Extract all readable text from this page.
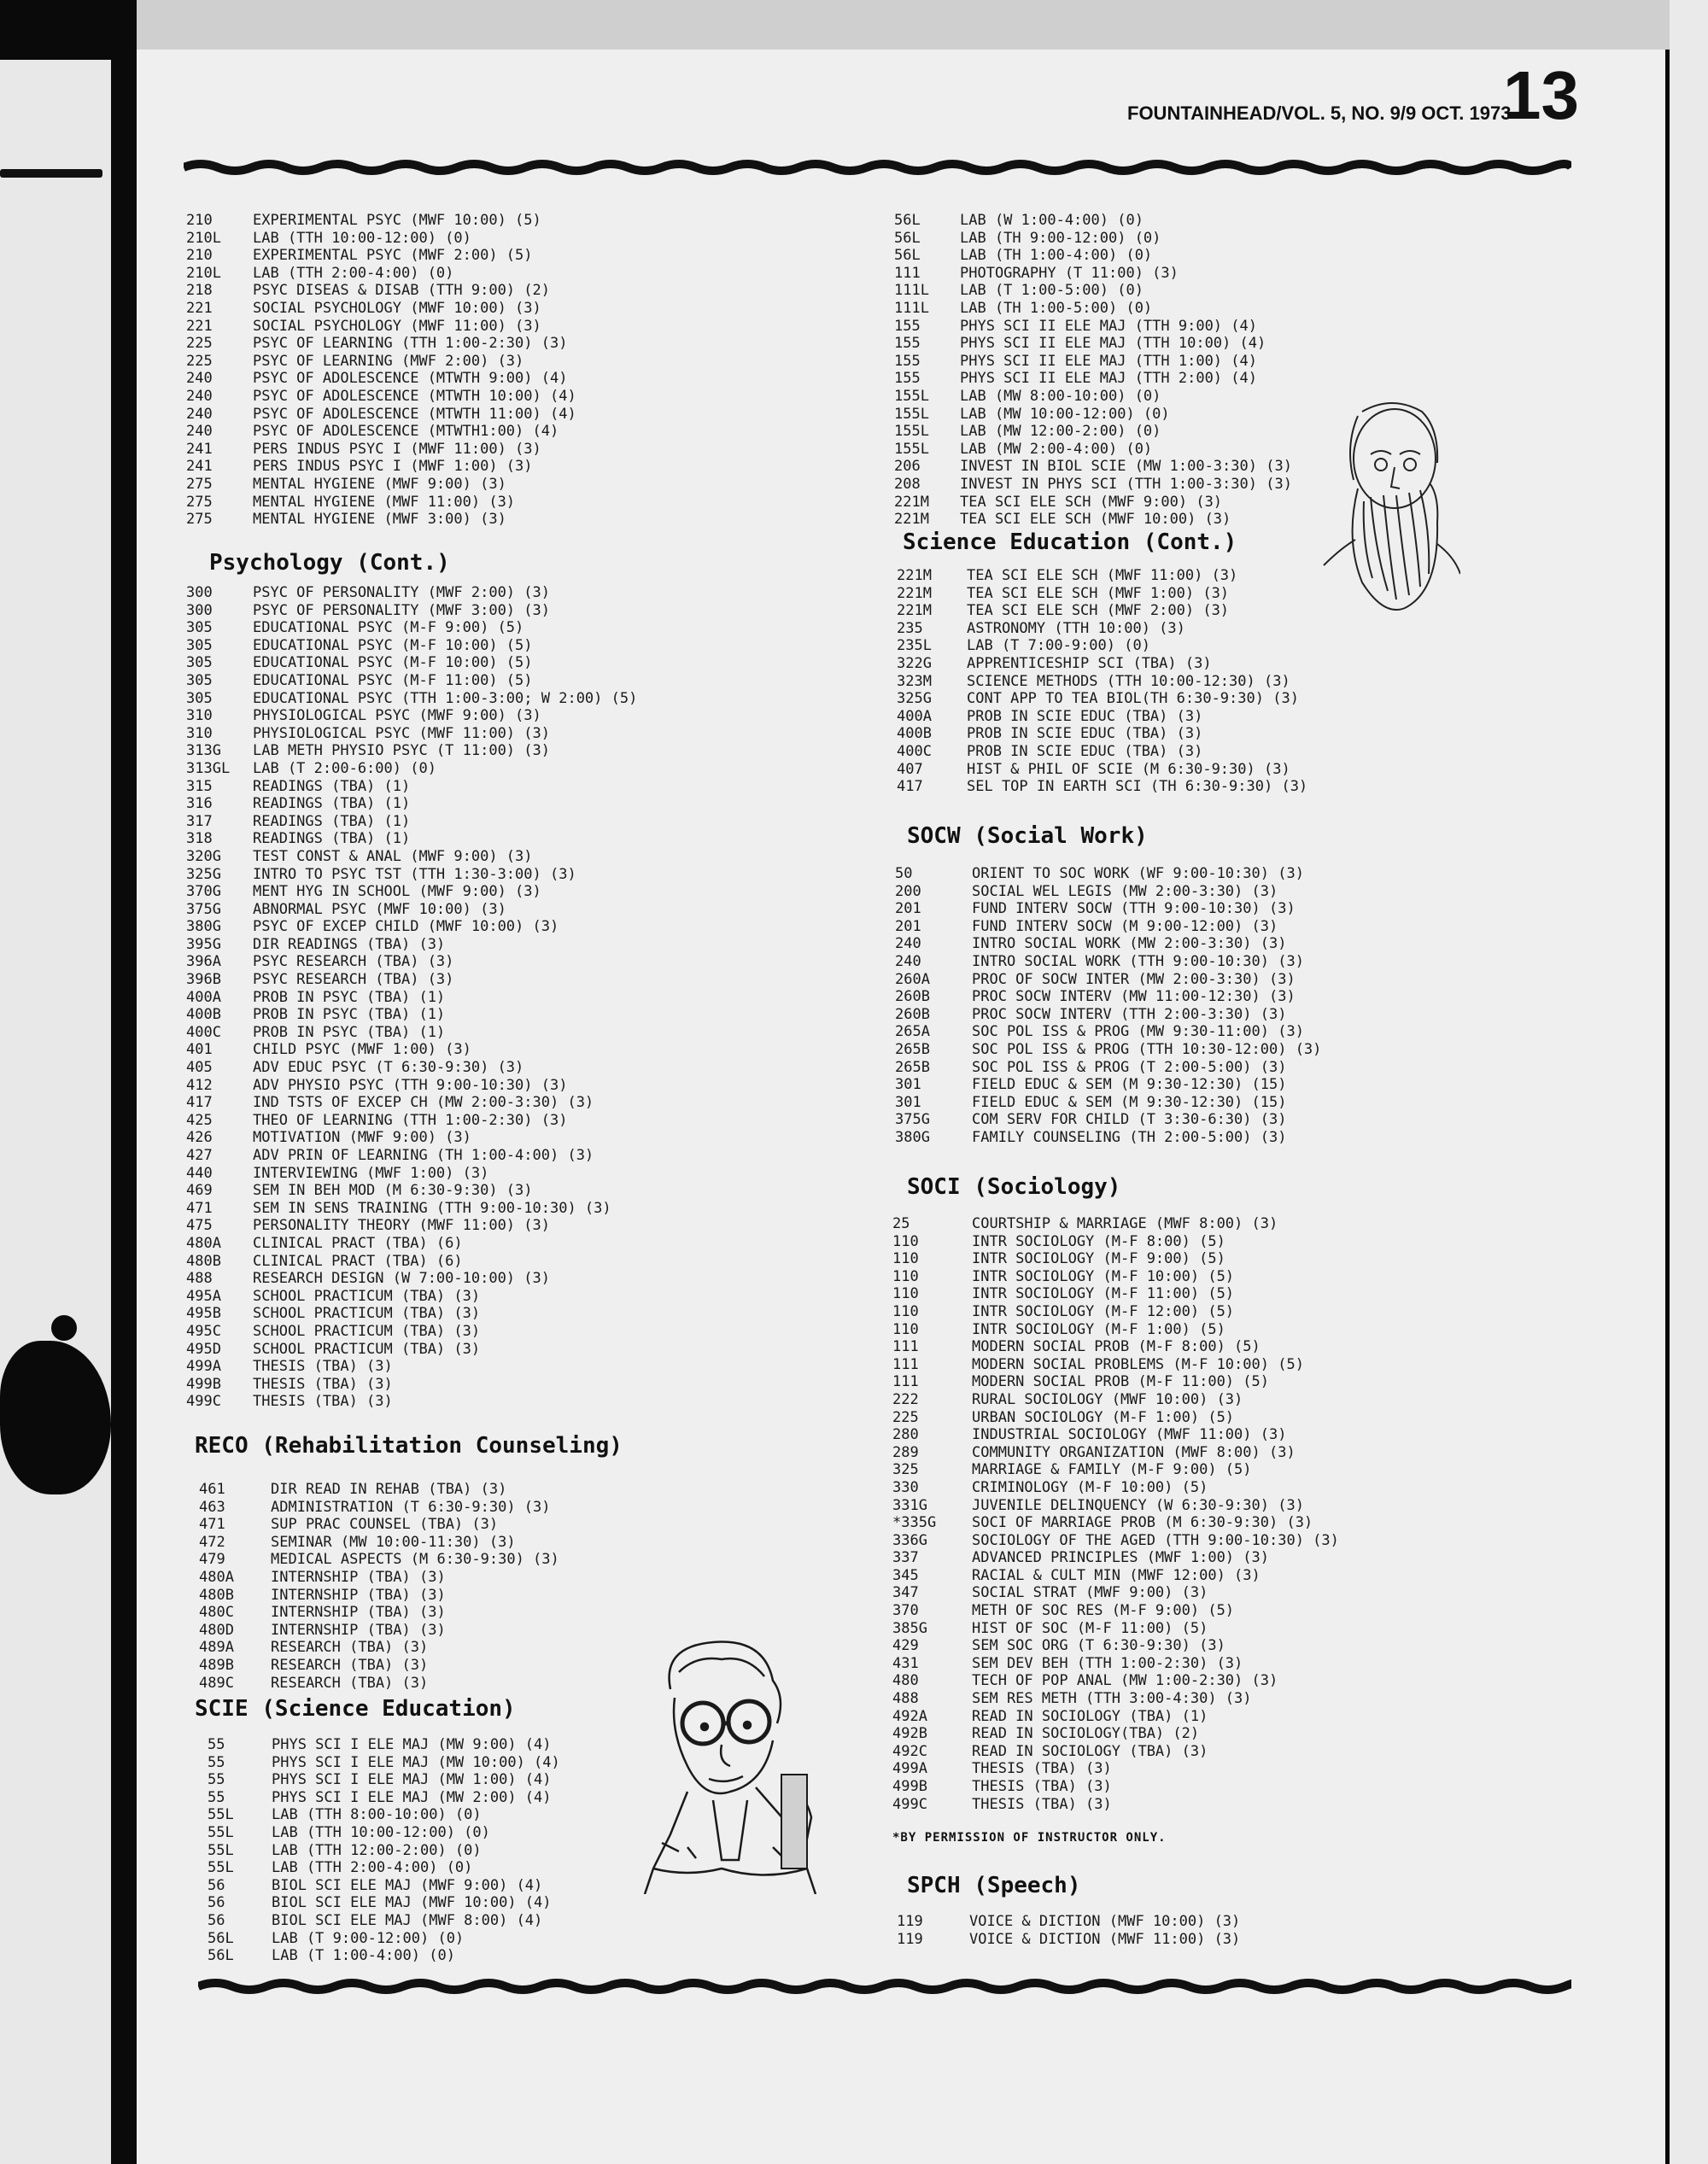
FOUNTAINHEAD/VOL. 5, NO. 9/9 OCT. 1973
13
210	EXPERIMENTAL PSYC (MWF 10:00) (5)
210L	LAB (TTH 10:00-12:00) (0)
210	EXPERIMENTAL PSYC (MWF 2:00) (5)
210L	LAB (TTH 2:00-4:00) (0)
218	PSYC DISEAS & DISAB (TTH 9:00) (2)
221	SOCIAL PSYCHOLOGY (MWF 10:00) (3)
221	SOCIAL PSYCHOLOGY (MWF 11:00) (3)
225	PSYC OF LEARNING (TTH 1:00-2:30) (3)
225	PSYC OF LEARNING (MWF 2:00) (3)
240	PSYC OF ADOLESCENCE (MTWTH 9:00) (4)
240	PSYC OF ADOLESCENCE (MTWTH 10:00) (4)
240	PSYC OF ADOLESCENCE (MTWTH 11:00) (4)
240	PSYC OF ADOLESCENCE (MTWTH1:00) (4)
241	PERS INDUS PSYC I (MWF 11:00) (3)
241	PERS INDUS PSYC I (MWF 1:00) (3)
275	MENTAL HYGIENE (MWF 9:00) (3)
275	MENTAL HYGIENE (MWF 11:00) (3)
275	MENTAL HYGIENE (MWF 3:00) (3)
Psychology (Cont.)
300	PSYC OF PERSONALITY (MWF 2:00) (3)
300	PSYC OF PERSONALITY (MWF 3:00) (3)
305	EDUCATIONAL PSYC (M-F 9:00) (5)
305	EDUCATIONAL PSYC (M-F 10:00) (5)
305	EDUCATIONAL PSYC (M-F 10:00) (5)
305	EDUCATIONAL PSYC (M-F 11:00) (5)
305	EDUCATIONAL PSYC (TTH 1:00-3:00; W 2:00) (5)
310	PHYSIOLOGICAL PSYC (MWF 9:00) (3)
310	PHYSIOLOGICAL PSYC (MWF 11:00) (3)
313G	LAB METH PHYSIO PSYC (T 11:00) (3)
313GL	LAB (T 2:00-6:00) (0)
315	READINGS (TBA) (1)
316	READINGS (TBA) (1)
317	READINGS (TBA) (1)
318	READINGS (TBA) (1)
320G	TEST CONST & ANAL (MWF 9:00) (3)
325G	INTRO TO PSYC TST (TTH 1:30-3:00) (3)
370G	MENT HYG IN SCHOOL (MWF 9:00) (3)
375G	ABNORMAL PSYC (MWF 10:00) (3)
380G	PSYC OF EXCEP CHILD (MWF 10:00) (3)
395G	DIR READINGS (TBA) (3)
396A	PSYC RESEARCH (TBA) (3)
396B	PSYC RESEARCH (TBA) (3)
400A	PROB IN PSYC (TBA) (1)
400B	PROB IN PSYC (TBA) (1)
400C	PROB IN PSYC (TBA) (1)
401	CHILD PSYC (MWF 1:00) (3)
405	ADV EDUC PSYC (T 6:30-9:30) (3)
412	ADV PHYSIO PSYC (TTH 9:00-10:30) (3)
417	IND TSTS OF EXCEP CH (MW 2:00-3:30) (3)
425	THEO OF LEARNING (TTH 1:00-2:30) (3)
426	MOTIVATION (MWF 9:00) (3)
427	ADV PRIN OF LEARNING (TH 1:00-4:00) (3)
440	INTERVIEWING (MWF 1:00) (3)
469	SEM IN BEH MOD (M 6:30-9:30) (3)
471	SEM IN SENS TRAINING (TTH 9:00-10:30) (3)
475	PERSONALITY THEORY (MWF 11:00) (3)
480A	CLINICAL PRACT (TBA) (6)
480B	CLINICAL PRACT (TBA) (6)
488	RESEARCH DESIGN (W 7:00-10:00) (3)
495A	SCHOOL PRACTICUM (TBA) (3)
495B	SCHOOL PRACTICUM (TBA) (3)
495C	SCHOOL PRACTICUM (TBA) (3)
495D	SCHOOL PRACTICUM (TBA) (3)
499A	THESIS (TBA) (3)
499B	THESIS (TBA) (3)
499C	THESIS (TBA) (3)
RECO (Rehabilitation Counseling)
461	DIR READ IN REHAB (TBA) (3)
463	ADMINISTRATION (T 6:30-9:30) (3)
471	SUP PRAC COUNSEL (TBA) (3)
472	SEMINAR (MW 10:00-11:30) (3)
479	MEDICAL ASPECTS (M 6:30-9:30) (3)
480A	INTERNSHIP (TBA) (3)
480B	INTERNSHIP (TBA) (3)
480C	INTERNSHIP (TBA) (3)
480D	INTERNSHIP (TBA) (3)
489A	RESEARCH (TBA) (3)
489B	RESEARCH (TBA) (3)
489C	RESEARCH (TBA) (3)
SCIE (Science Education)
55	PHYS SCI I ELE MAJ (MW 9:00) (4)
55	PHYS SCI I ELE MAJ (MW 10:00) (4)
55	PHYS SCI I ELE MAJ (MW 1:00) (4)
55	PHYS SCI I ELE MAJ (MW 2:00) (4)
55L	LAB (TTH 8:00-10:00) (0)
55L	LAB (TTH 10:00-12:00) (0)
55L	LAB (TTH 12:00-2:00) (0)
55L	LAB (TTH 2:00-4:00) (0)
56	BIOL SCI ELE MAJ (MWF 9:00) (4)
56	BIOL SCI ELE MAJ (MWF 10:00) (4)
56	BIOL SCI ELE MAJ (MWF 8:00) (4)
56L	LAB (T 9:00-12:00) (0)
56L	LAB (T 1:00-4:00) (0)
56L	LAB (W 1:00-4:00) (0)
56L	LAB (TH 9:00-12:00) (0)
56L	LAB (TH 1:00-4:00) (0)
111	PHOTOGRAPHY (T 11:00) (3)
111L	LAB (T 1:00-5:00) (0)
111L	LAB (TH 1:00-5:00) (0)
155	PHYS SCI II ELE MAJ (TTH 9:00) (4)
155	PHYS SCI II ELE MAJ (TTH 10:00) (4)
155	PHYS SCI II ELE MAJ (TTH 1:00) (4)
155	PHYS SCI II ELE MAJ (TTH 2:00) (4)
155L	LAB (MW 8:00-10:00) (0)
155L	LAB (MW 10:00-12:00) (0)
155L	LAB (MW 12:00-2:00) (0)
155L	LAB (MW 2:00-4:00) (0)
206	INVEST IN BIOL SCIE (MW 1:00-3:30) (3)
208	INVEST IN PHYS SCI (TTH 1:00-3:30) (3)
221M	TEA SCI ELE SCH (MWF 9:00) (3)
221M	TEA SCI ELE SCH (MWF 10:00) (3)
Science Education (Cont.)
221M	TEA SCI ELE SCH (MWF 11:00) (3)
221M	TEA SCI ELE SCH (MWF 1:00) (3)
221M	TEA SCI ELE SCH (MWF 2:00) (3)
235	ASTRONOMY (TTH 10:00) (3)
235L	LAB (T 7:00-9:00) (0)
322G	APPRENTICESHIP SCI (TBA) (3)
323M	SCIENCE METHODS (TTH 10:00-12:30) (3)
325G	CONT APP TO TEA BIOL(TH 6:30-9:30) (3)
400A	PROB IN SCIE EDUC (TBA) (3)
400B	PROB IN SCIE EDUC (TBA) (3)
400C	PROB IN SCIE EDUC (TBA) (3)
407	HIST & PHIL OF SCIE (M 6:30-9:30) (3)
417	SEL TOP IN EARTH SCI (TH 6:30-9:30) (3)
SOCW (Social Work)
50	ORIENT TO SOC WORK (WF 9:00-10:30) (3)
200	SOCIAL WEL LEGIS (MW 2:00-3:30) (3)
201	FUND INTERV SOCW (TTH 9:00-10:30) (3)
201	FUND INTERV SOCW (M 9:00-12:00) (3)
240	INTRO SOCIAL WORK (MW 2:00-3:30) (3)
240	INTRO SOCIAL WORK (TTH 9:00-10:30) (3)
260A	PROC OF SOCW INTER (MW 2:00-3:30) (3)
260B	PROC SOCW INTERV (MW 11:00-12:30) (3)
260B	PROC SOCW INTERV (TTH 2:00-3:30) (3)
265A	SOC POL ISS & PROG (MW 9:30-11:00) (3)
265B	SOC POL ISS & PROG (TTH 10:30-12:00) (3)
265B	SOC POL ISS & PROG (T 2:00-5:00) (3)
301	FIELD EDUC & SEM (M 9:30-12:30) (15)
301	FIELD EDUC & SEM (M 9:30-12:30) (15)
375G	COM SERV FOR CHILD (T 3:30-6:30) (3)
380G	FAMILY COUNSELING (TH 2:00-5:00) (3)
SOCI (Sociology)
25	COURTSHIP & MARRIAGE (MWF 8:00) (3)
110	INTR SOCIOLOGY (M-F 8:00) (5)
110	INTR SOCIOLOGY (M-F 9:00) (5)
110	INTR SOCIOLOGY (M-F 10:00) (5)
110	INTR SOCIOLOGY (M-F 11:00) (5)
110	INTR SOCIOLOGY (M-F 12:00) (5)
110	INTR SOCIOLOGY (M-F 1:00) (5)
111	MODERN SOCIAL PROB (M-F 8:00) (5)
111	MODERN SOCIAL PROBLEMS (M-F 10:00) (5)
111	MODERN SOCIAL PROB (M-F 11:00) (5)
222	RURAL SOCIOLOGY (MWF 10:00) (3)
225	URBAN SOCIOLOGY (M-F 1:00) (5)
280	INDUSTRIAL SOCIOLOGY (MWF 11:00) (3)
289	COMMUNITY ORGANIZATION (MWF 8:00) (3)
325	MARRIAGE & FAMILY (M-F 9:00) (5)
330	CRIMINOLOGY (M-F 10:00) (5)
331G	JUVENILE DELINQUENCY (W 6:30-9:30) (3)
*335G	SOCI OF MARRIAGE PROB (M 6:30-9:30) (3)
336G	SOCIOLOGY OF THE AGED (TTH 9:00-10:30) (3)
337	ADVANCED PRINCIPLES (MWF 1:00) (3)
345	RACIAL & CULT MIN (MWF 12:00) (3)
347	SOCIAL STRAT (MWF 9:00) (3)
370	METH OF SOC RES (M-F 9:00) (5)
385G	HIST OF SOC (M-F 11:00) (5)
429	SEM SOC ORG (T 6:30-9:30) (3)
431	SEM DEV BEH (TTH 1:00-2:30) (3)
480	TECH OF POP ANAL (MW 1:00-2:30) (3)
488	SEM RES METH (TTH 3:00-4:30) (3)
492A	READ IN SOCIOLOGY (TBA) (1)
492B	READ IN SOCIOLOGY(TBA) (2)
492C	READ IN SOCIOLOGY (TBA) (3)
499A	THESIS (TBA) (3)
499B	THESIS (TBA) (3)
499C	THESIS (TBA) (3)
*BY PERMISSION OF INSTRUCTOR ONLY.
SPCH (Speech)
119	VOICE & DICTION (MWF 10:00) (3)
119	VOICE & DICTION (MWF 11:00) (3)
